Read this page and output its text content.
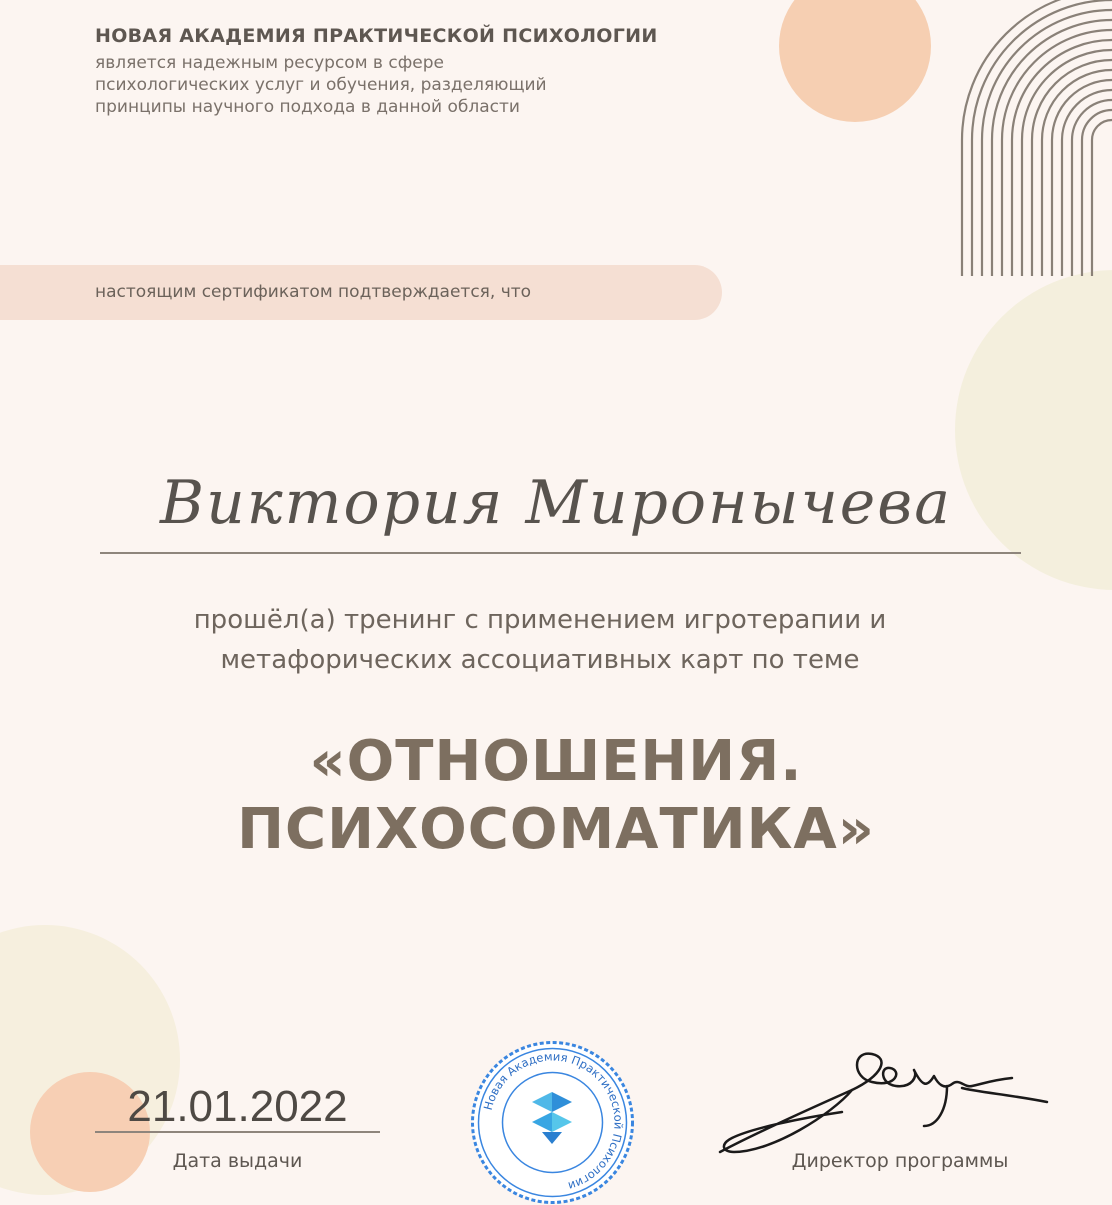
НОВАЯ АКАДЕМИЯ ПРАКТИЧЕСКОЙ ПСИХОЛОГИИ
является надежным ресурсом в сфере
психологических услуг и обучения, разделяющий
принципы научного подхода в данной области
настоящим сертификатом подтверждается, что
Виктория Миронычева
прошёл(а) тренинг с применением игротерапии и
метафорических ассоциативных карт по теме
«ОТНОШЕНИЯ.
ПСИХОСОМАТИКА»
21.01.2022
Дата выдачи
Новая Академия Практической Психологии
Директор программы
